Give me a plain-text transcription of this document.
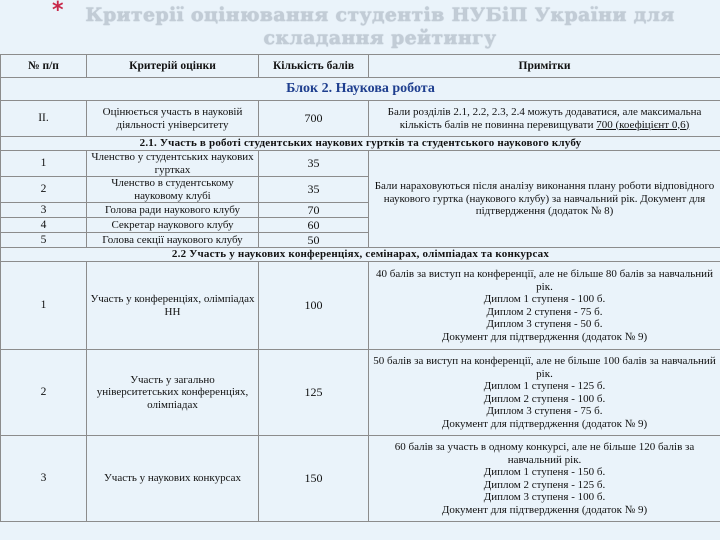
*	Критерії оцінювання студентів НУБіП України для складання рейтингу
№ п/п	Критерій оцінки	Кількість балів	Примітки
Блок 2. Наукова робота			
ІІ.	Оцінюється участь в науковій діяльності університету	700	Бали розділів 2.1, 2.2, 2.3, 2.4 можуть додаватися, але максимальна кількість балів не повинна перевищувати 700 (коефіцієнт 0,6)
2.1. Участь в роботі студентських наукових гуртків та студентського наукового клубу			
1	Членство у студентських наукових гуртках	35	Бали нараховуються після аналізу виконання плану роботи відповідного наукового гуртка (наукового клубу) за навчальний рік. Документ для підтвердження (додаток № 8)
2	Членство в студентському науковому клубі	35	
3	Голова ради наукового клубу	70	
4	Секретар наукового клубу	60	
5	Голова секції наукового клубу	50	
2.2 Участь у наукових конференціях, семінарах, олімпіадах та конкурсах			
1	Участь у конференціях, олімпіадах НН	100	40 балів за виступ на конференції, але не більше 80 балів за навчальний рік.
Диплом 1 ступеня - 100 б.
Диплом 2 ступеня - 75 б.
Диплом 3 ступеня - 50 б.
Документ для підтвердження (додаток № 9)

2	Участь у загально університетських конференціях, олімпіадах	125	50 балів за виступ на конференції, але не більше 100 балів за навчальний рік.
Диплом 1 ступеня - 125 б.
Диплом 2 ступеня - 100 б.
Диплом 3 ступеня - 75 б.
Документ для підтвердження (додаток № 9)

3	Участь у наукових конкурсах	150	60 балів за участь в одному конкурсі, але не більше 120 балів за навчальний рік.
Диплом 1 ступеня - 150 б.
Диплом 2 ступеня - 125 б.
Диплом 3 ступеня - 100 б.
Документ для підтвердження (додаток № 9)
